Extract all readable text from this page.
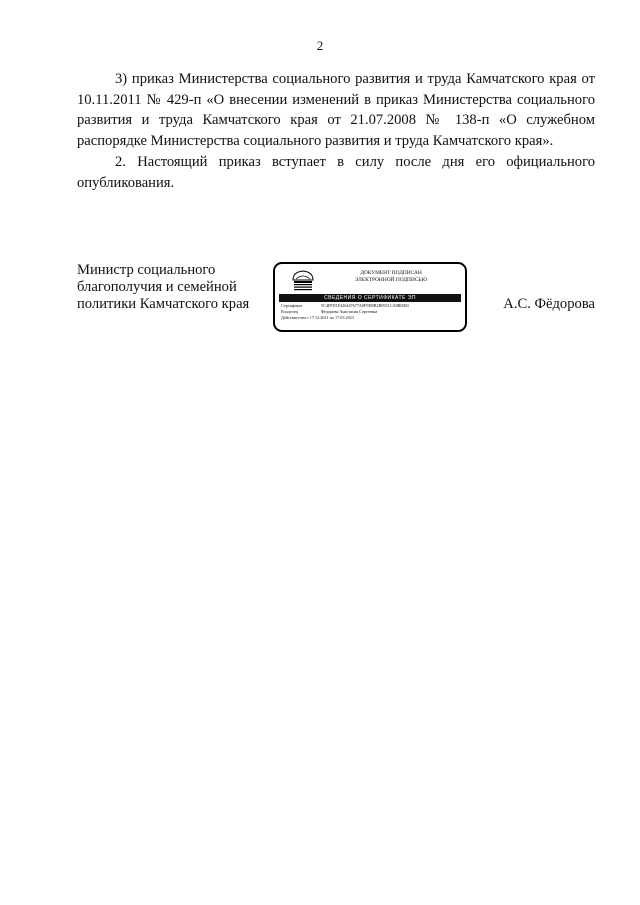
2

3) приказ Министерства социального развития и труда Камчатского края от 10.11.2011 № 429-п «О внесении изменений в приказ Министерства социального развития и труда Камчатского края от 21.07.2008 № 138-п «О служебном распорядке Министерства социального развития и труда Камчатского края».

2. Настоящий приказ вступает в силу после дня его официального опубликования.

Министр социального
благополучия и семейной
политики Камчатского края
ДОКУМЕНТ ПОДПИСАН
ЭЛЕКТРОННОЙ ПОДПИСЬЮ
СВЕДЕНИЯ О СЕРТИФИКАТЕ ЭП
Сертификат	5C4FFD1F426447677A0F9D8B2B0951CA8B0084
Владелец	Федорова Анастасия Сергеевна
Действителен с 17.12.2021 по 17.03.2023
А.С. Фёдорова
